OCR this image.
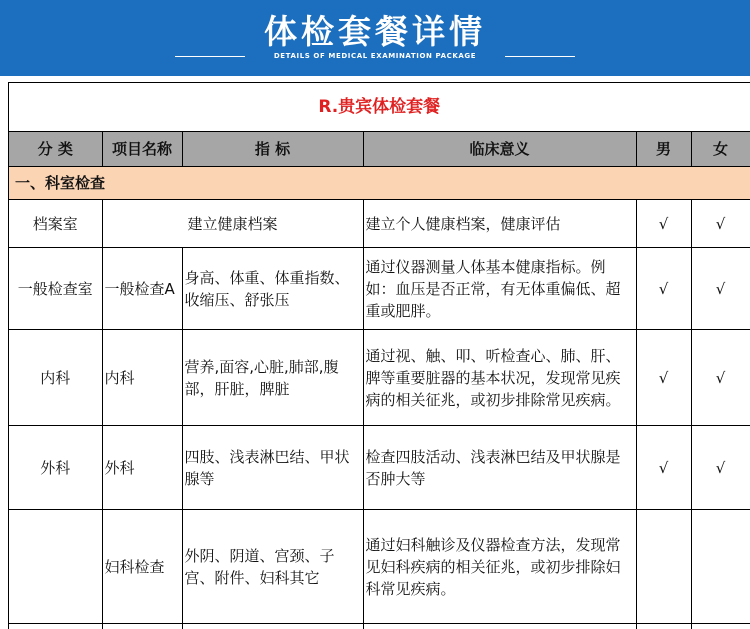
体检套餐详情
DETAILS OF MEDICAL EXAMINATION PACKAGE
R.贵宾体检套餐					
分 类	项目名称	指 标	临床意义	男	女
一、科室检查					
档案室	建立健康档案		建立个人健康档案，健康评估	√	√
一般检查室	一般检查A	身高、体重、体重指数、收缩压、舒张压	通过仪器测量人体基本健康指标。例如：血压是否正常，有无体重偏低、超重或肥胖。	√	√
内科	内科	营养,面容,心脏,肺部,腹部，肝脏，脾脏	通过视、触、叩、听检查心、肺、肝、脾等重要脏器的基本状况，发现常见疾病的相关征兆，或初步排除常见疾病。	√	√
外科	外科	四肢、浅表淋巴结、甲状腺等	检查四肢活动、浅表淋巴结及甲状腺是否肿大等	√	√
	妇科检查	外阴、阴道、宫颈、子宫、附件、妇科其它	通过妇科触诊及仪器检查方法，发现常见妇科疾病的相关征兆，或初步排除妇科常见疾病。		
